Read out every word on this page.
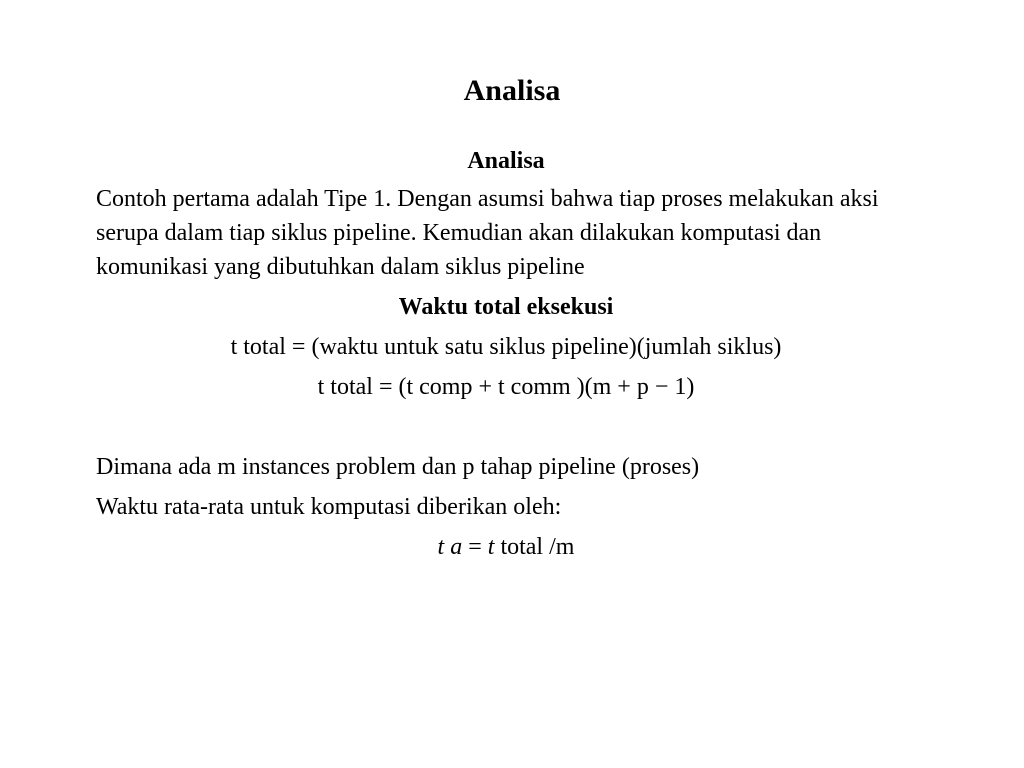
Analisa

Analisa

Contoh pertama adalah Tipe 1. Dengan asumsi bahwa tiap proses melakukan aksi serupa dalam tiap siklus pipeline. Kemudian akan dilakukan komputasi dan komunikasi yang dibutuhkan dalam siklus pipeline

Waktu total eksekusi

t total = (waktu untuk satu siklus pipeline)(jumlah siklus)

t total = (t comp + t comm )(m + p − 1)

Dimana ada m instances problem dan p tahap pipeline (proses)

Waktu rata-rata untuk komputasi diberikan oleh:

t a = t total /m
